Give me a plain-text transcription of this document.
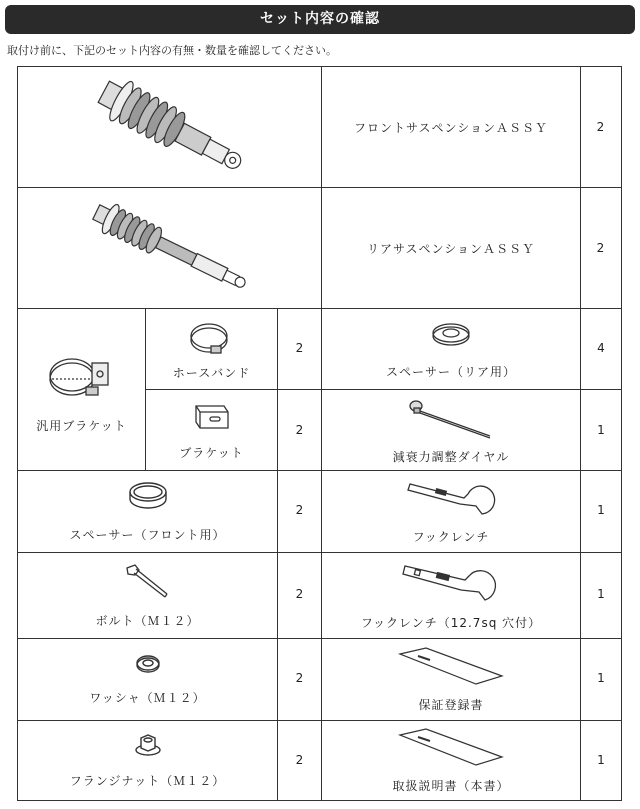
セット内容の確認
取付け前に、下記のセット内容の有無・数量を確認してください。
フロントサスペンションＡＳＳＹ	2
リアサスペンションＡＳＳＹ	2
汎用ブラケット
ホースバンド
2
ブラケット
2
スペーサー（リア用）
4
減衰力調整ダイヤル
1
スペーサー（フロント用）
2
フックレンチ
1
ボルト（Ｍ１２）
2
フックレンチ（12.7sq 穴付）
1
ワッシャ（Ｍ１２）
2
保証登録書
1
フランジナット（Ｍ１２）
2
取扱説明書（本書）
1
